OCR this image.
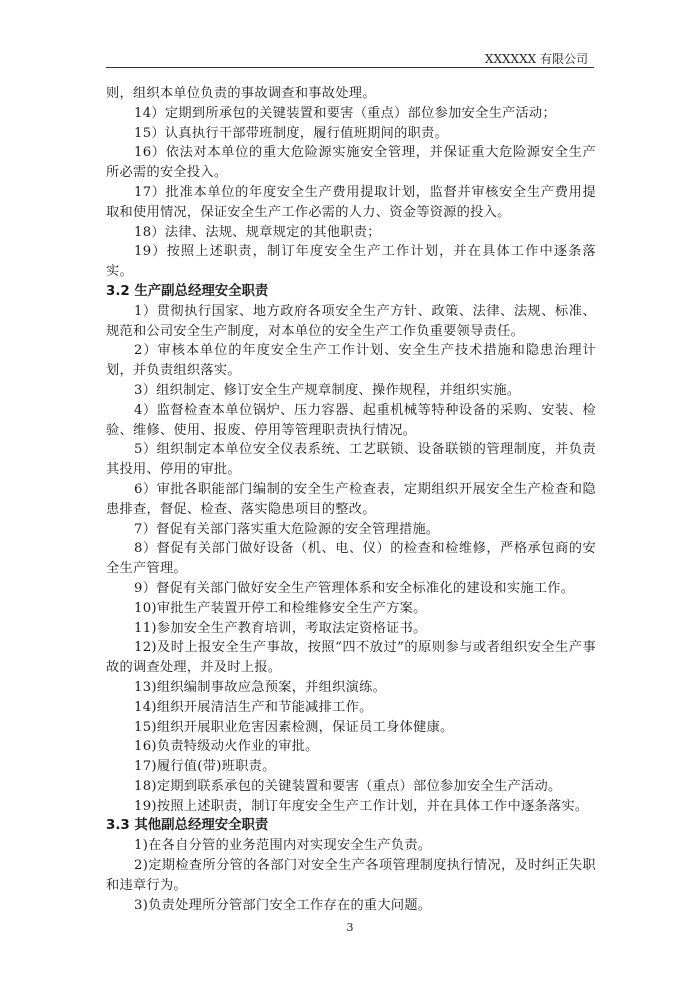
XXXXXX 有限公司

则，组织本单位负责的事故调查和事故处理。

14）定期到所承包的关键装置和要害（重点）部位参加安全生产活动；

15）认真执行干部带班制度，履行值班期间的职责。

16）依法对本单位的重大危险源实施安全管理，并保证重大危险源安全生产所必需的安全投入。

17）批准本单位的年度安全生产费用提取计划，监督并审核安全生产费用提取和使用情况，保证安全生产工作必需的人力、资金等资源的投入。

18）法律、法规、规章规定的其他职责；

19）按照上述职责，制订年度安全生产工作计划，并在具体工作中逐条落实。

3.2 生产副总经理安全职责

1）贯彻执行国家、地方政府各项安全生产方针、政策、法律、法规、标准、规范和公司安全生产制度，对本单位的安全生产工作负重要领导责任。

2）审核本单位的年度安全生产工作计划、安全生产技术措施和隐患治理计划，并负责组织落实。

3）组织制定、修订安全生产规章制度、操作规程，并组织实施。

4）监督检查本单位锅炉、压力容器、起重机械等特种设备的采购、安装、检验、维修、使用、报废、停用等管理职责执行情况。

5）组织制定本单位安全仪表系统、工艺联锁、设备联锁的管理制度，并负责其投用、停用的审批。

6）审批各职能部门编制的安全生产检查表，定期组织开展安全生产检查和隐患排查，督促、检查、落实隐患项目的整改。

7）督促有关部门落实重大危险源的安全管理措施。

8）督促有关部门做好设备（机、电、仪）的检查和检维修，严格承包商的安全生产管理。

9）督促有关部门做好安全生产管理体系和安全标准化的建设和实施工作。

10)审批生产装置开停工和检维修安全生产方案。

11)参加安全生产教育培训，考取法定资格证书。

12)及时上报安全生产事故，按照“四不放过”的原则参与或者组织安全生产事故的调查处理，并及时上报。

13)组织编制事故应急预案，并组织演练。

14)组织开展清洁生产和节能减排工作。

15)组织开展职业危害因素检测，保证员工身体健康。

16)负责特级动火作业的审批。

17)履行值(带)班职责。

18)定期到联系承包的关键装置和要害（重点）部位参加安全生产活动。

19)按照上述职责，制订年度安全生产工作计划，并在具体工作中逐条落实。

3.3 其他副总经理安全职责

1)在各自分管的业务范围内对实现安全生产负责。

2)定期检查所分管的各部门对安全生产各项管理制度执行情况，及时纠正失职和违章行为。

3)负责处理所分管部门安全工作存在的重大问题。

3
